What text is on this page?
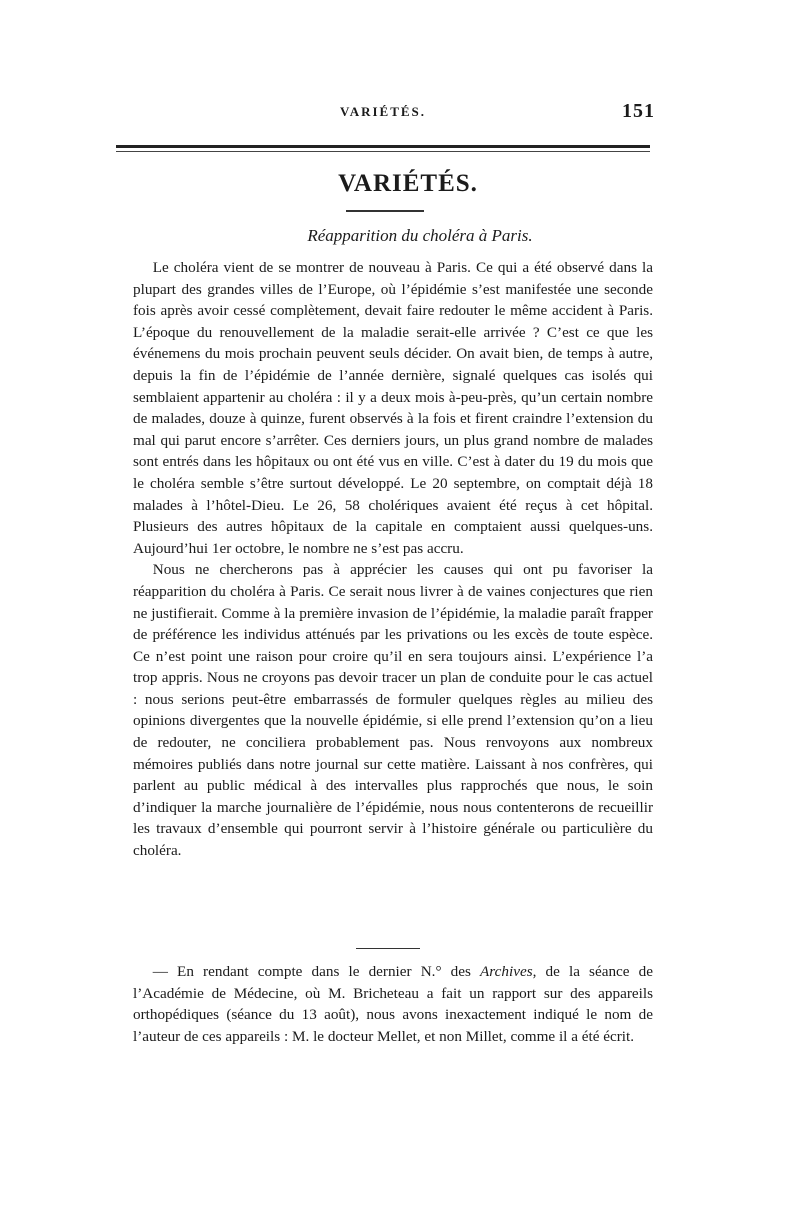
VARIÉTÉS.	151
VARIÉTÉS.
Réapparition du choléra à Paris.

Le choléra vient de se montrer de nouveau à Paris. Ce qui a été observé dans la plupart des grandes villes de l’Europe, où l’épidémie s’est manifestée une seconde fois après avoir cessé complètement, devait faire redouter le même accident à Paris. L’époque du renouvellement de la maladie serait-elle arrivée ? C’est ce que les événemens du mois prochain peuvent seuls décider. On avait bien, de temps à autre, depuis la fin de l’épidémie de l’année dernière, signalé quelques cas isolés qui semblaient appartenir au choléra : il y a deux mois à-peu-près, qu’un certain nombre de malades, douze à quinze, furent observés à la fois et firent craindre l’extension du mal qui parut encore s’arrêter. Ces derniers jours, un plus grand nombre de malades sont entrés dans les hôpitaux ou ont été vus en ville. C’est à dater du 19 du mois que le choléra semble s’être surtout développé. Le 20 septembre, on comptait déjà 18 malades à l’hôtel-Dieu. Le 26, 58 cholériques avaient été reçus à cet hôpital. Plusieurs des autres hôpitaux de la capitale en comptaient aussi quelques-uns. Aujourd’hui 1er octobre, le nombre ne s’est pas accru.

Nous ne chercherons pas à apprécier les causes qui ont pu favoriser la réapparition du choléra à Paris. Ce serait nous livrer à de vaines conjectures que rien ne justifierait. Comme à la première invasion de l’épidémie, la maladie paraît frapper de préférence les individus atténués par les privations ou les excès de toute espèce. Ce n’est point une raison pour croire qu’il en sera toujours ainsi. L’expérience l’a trop appris. Nous ne croyons pas devoir tracer un plan de conduite pour le cas actuel : nous serions peut-être embarrassés de formuler quelques règles au milieu des opinions divergentes que la nouvelle épidémie, si elle prend l’extension qu’on a lieu de redouter, ne conciliera probablement pas. Nous renvoyons aux nombreux mémoires publiés dans notre journal sur cette matière. Laissant à nos confrères, qui parlent au public médical à des intervalles plus rapprochés que nous, le soin d’indiquer la marche journalière de l’épidémie, nous nous contenterons de recueillir les travaux d’ensemble qui pourront servir à l’histoire générale ou particulière du choléra.

— En rendant compte dans le dernier N.° des Archives, de la séance de l’Académie de Médecine, où M. Bricheteau a fait un rapport sur des appareils orthopédiques (séance du 13 août), nous avons inexactement indiqué le nom de l’auteur de ces appareils : M. le docteur Mellet, et non Millet, comme il a été écrit.
